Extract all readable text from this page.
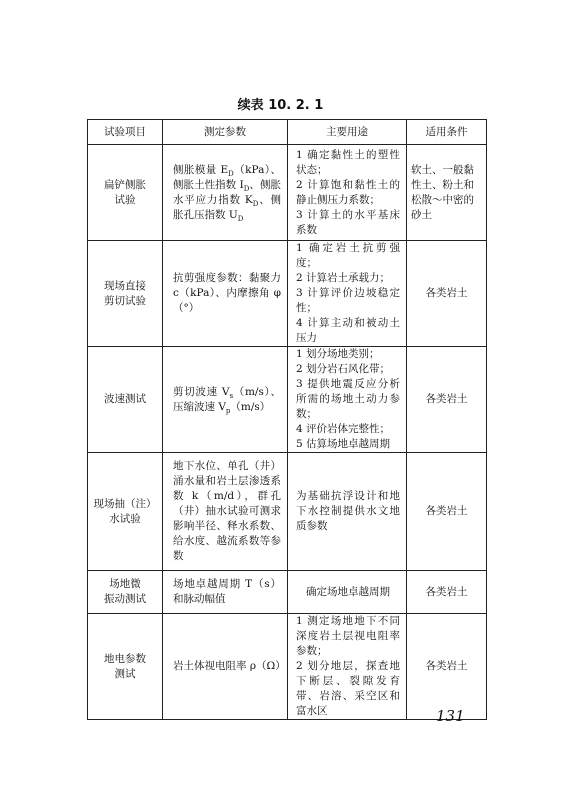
续表 10. 2. 1
试验项目	测定参数	主要用途	适用条件

扁铲侧胀
试验	侧胀模量 $E_D(kPa)$、侧胀土性指数 $I_D$、侧胀水平应力指数 $K_D$、侧胀孔压指数 $U_D$	1 确定黏性土的塑性状态；
2 计算饱和黏性土的静止侧压力系数；
3 计算土的水平基床系数	软土、一般黏性土、粉土和松散～中密的砂土

现场直接
剪切试验	抗剪强度参数：黏聚力 c（kPa）、内摩擦角 φ（°）	1 确定岩土抗剪强度；
2 计算岩土承载力；
3 计算评价边坡稳定性；
4 计算主动和被动土压力	各类岩土

波速测试	剪切波速 $V_s(m/s)$、压缩波速 $V_p(m/s)$	1 划分场地类别；
2 划分岩石风化带；
3 提供地震反应分析所需的场地土动力参数；
4 评价岩体完整性；
5 估算场地卓越周期	各类岩土

现场抽（注）
水试验	地下水位、单孔（井）涌水量和岩土层渗透系数 k（m/d），群孔（井）抽水试验可测求影响半径、释水系数、给水度、越流系数等参数	为基础抗浮设计和地下水控制提供水文地质参数	各类岩土

场地微
振动测试	场地卓越周期 T（s）和脉动幅值	确定场地卓越周期	各类岩土

地电参数
测试	岩土体视电阻率 ρ（Ω）	1 测定场地地下不同深度岩土层视电阻率参数；
2 划分地层，探查地下断层、裂隙发育带、岩溶、采空区和富水区	各类岩土
131
